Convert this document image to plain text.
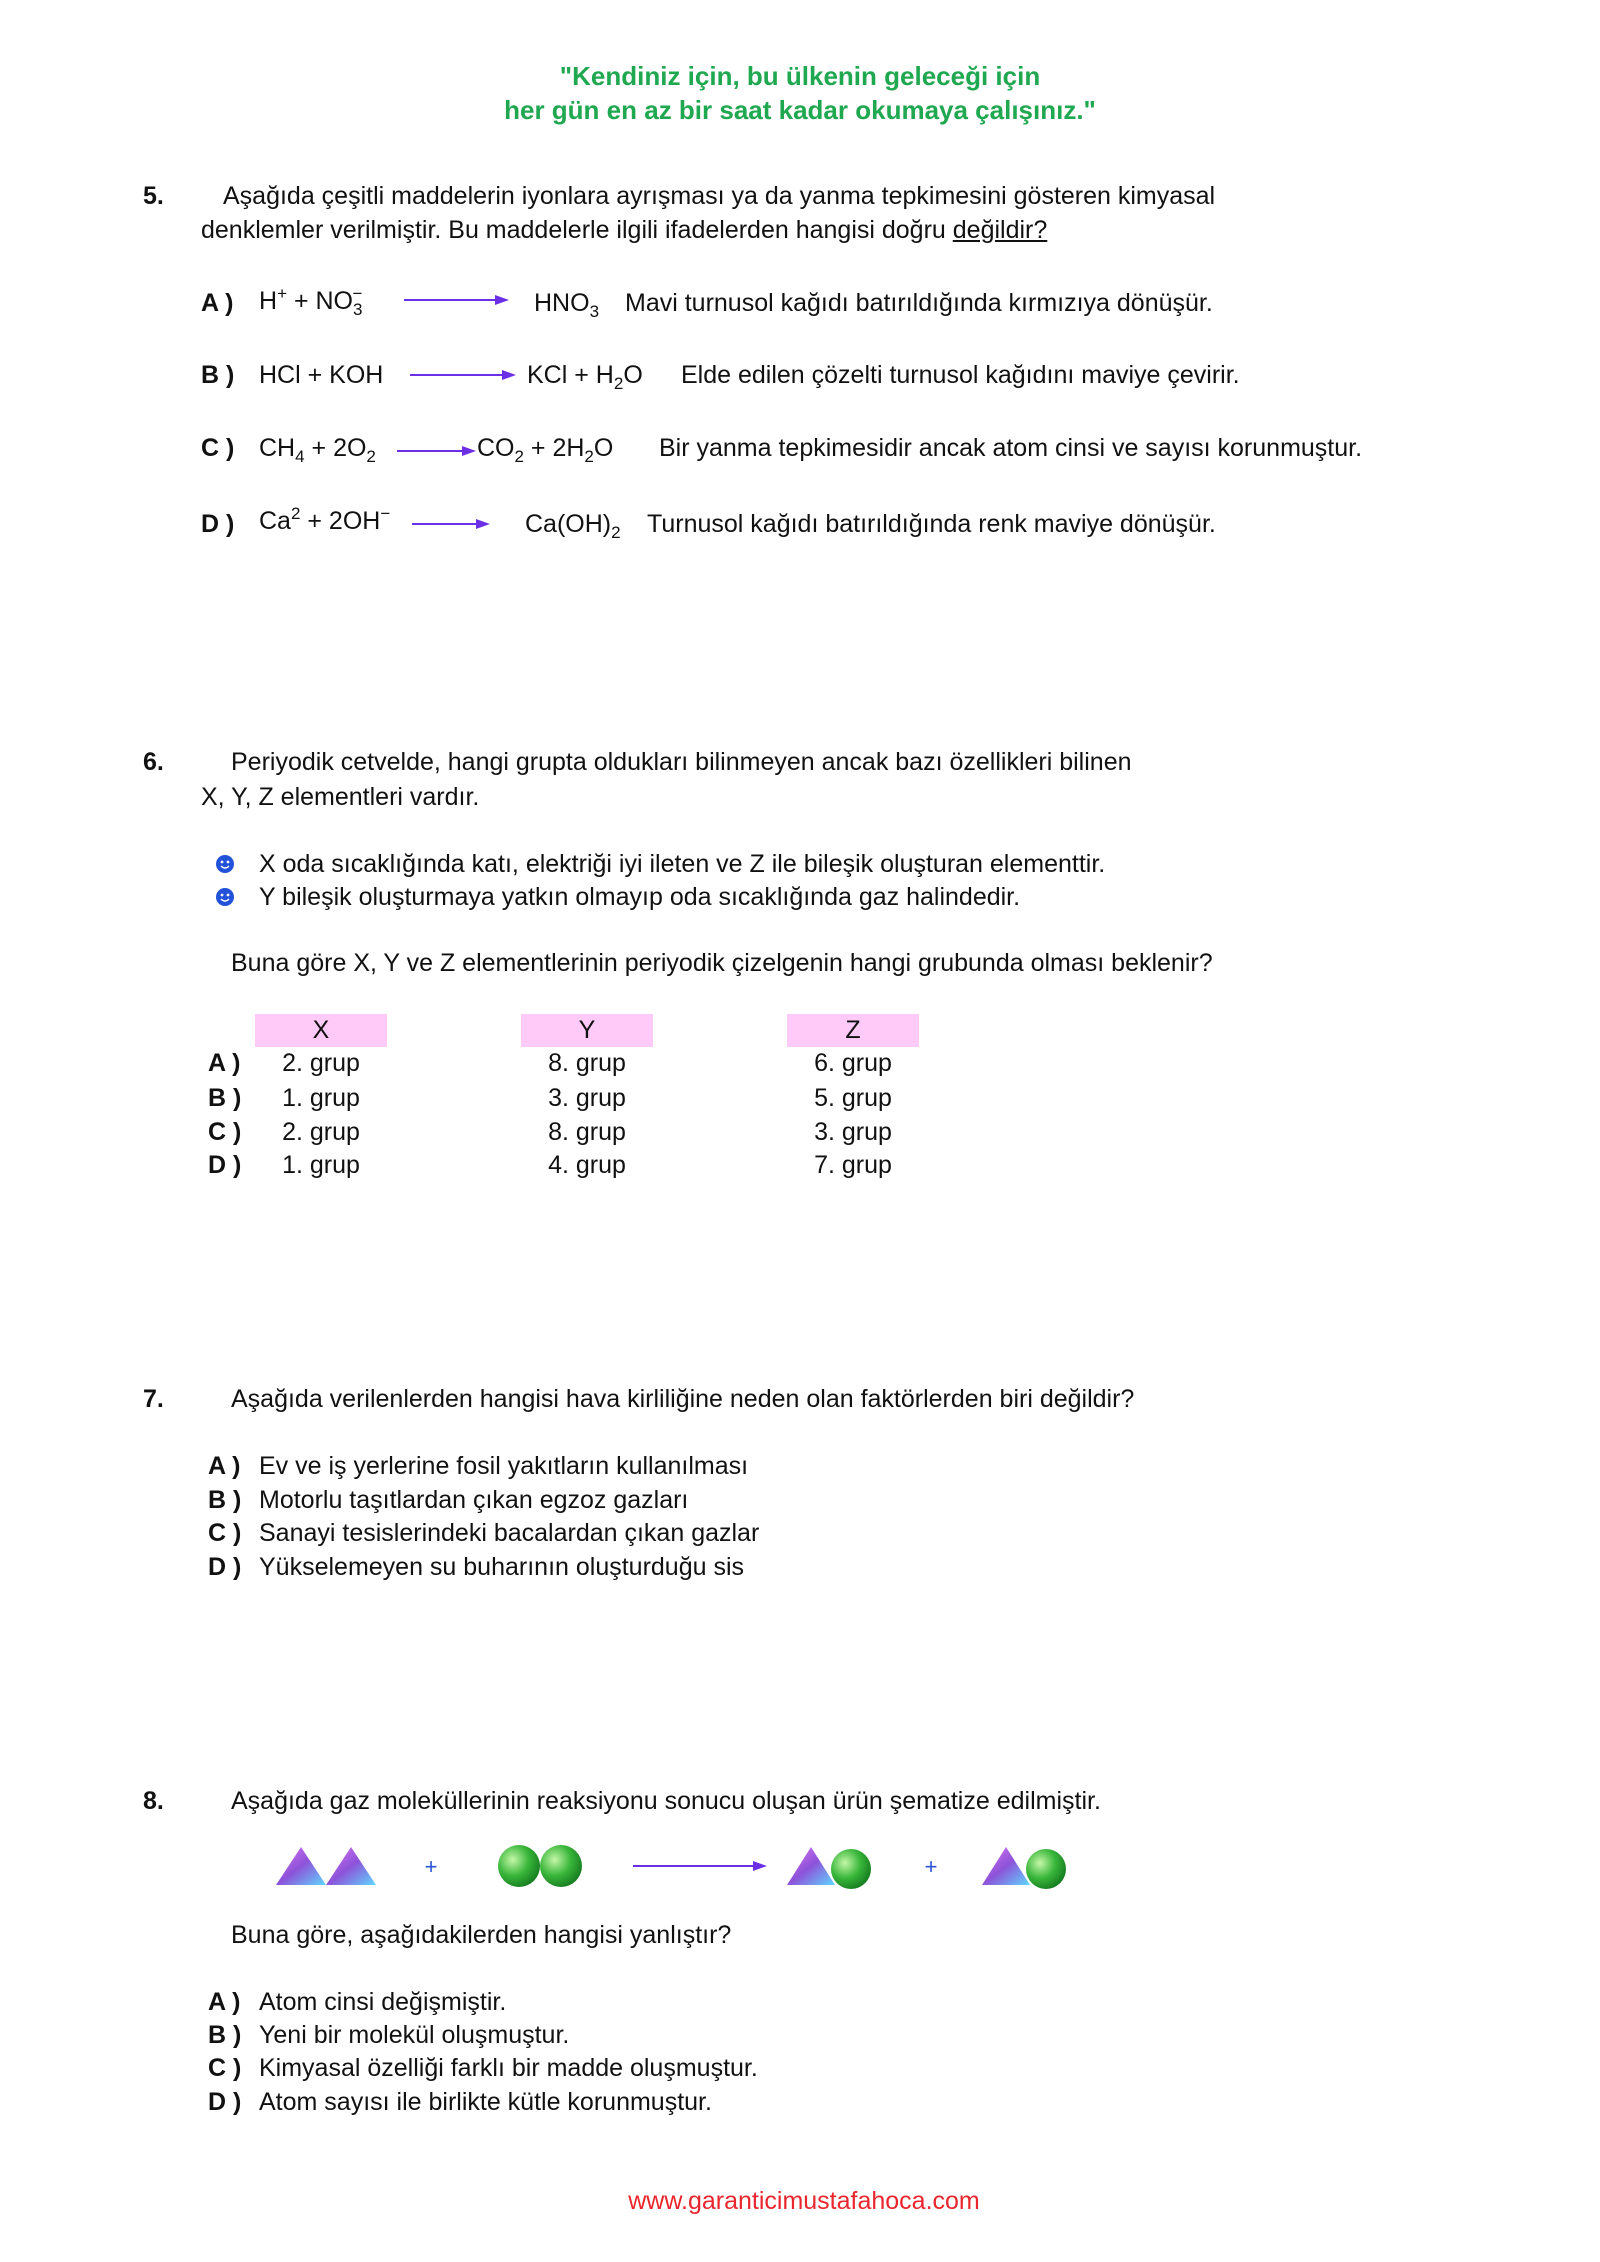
"Kendiniz için, bu ülkenin geleceği için
her gün en az bir saat kadar okumaya çalışınız."
5. Aşağıda çeşitli maddelerin iyonlara ayrışması ya da yanma tepkimesini gösteren kimyasal
denklemler verilmiştir. Bu maddelerle ilgili ifadelerden hangisi doğru değildir?
A ) $H^+ + NO_3^-$	$HNO_3$ Mavi turnusol kağıdı batırıldığında kırmızıya dönüşür.
B ) HCl + KOH	KCl + $H_2O$ Elde edilen çözelti turnusol kağıdını maviye çevirir.
C ) $CH_4 + 2O_2$	$CO_2 + 2H_2O$ Bir yanma tepkimesidir ancak atom cinsi ve sayısı korunmuştur.
D ) $Ca^2 + 2OH^-$	$Ca(OH)_2$ Turnusol kağıdı batırıldığında renk maviye dönüşür.
6.	Periyodik cetvelde, hangi grupta oldukları bilinmeyen ancak bazı özellikleri bilinen
X, Y, Z elementleri vardır.
X oda sıcaklığında katı, elektriği iyi ileten ve Z ile bileşik oluşturan elementtir.
Y bileşik oluşturmaya yatkın olmayıp oda sıcaklığında gaz halindedir.
Buna göre X, Y ve Z elementlerinin periyodik çizelgenin hangi grubunda olması beklenir?
X	Y	Z
A )	2. grup	8. grup	6. grup
B )	1. grup	3. grup	5. grup
C )	2. grup	8. grup	3. grup
D )	1. grup	4. grup	7. grup
7.	Aşağıda verilenlerden hangisi hava kirliliğine neden olan faktörlerden biri değildir?
A ) Ev ve iş yerlerine fosil yakıtların kullanılması
B ) Motorlu taşıtlardan çıkan egzoz gazları
C ) Sanayi tesislerindeki bacalardan çıkan gazlar
D ) Yükselemeyen su buharının oluşturduğu sis
8.	Aşağıda gaz moleküllerinin reaksiyonu sonucu oluşan ürün şematize edilmiştir.
+	+
Buna göre, aşağıdakilerden hangisi yanlıştır?
A ) Atom cinsi değişmiştir.
B ) Yeni bir molekül oluşmuştur.
C ) Kimyasal özelliği farklı bir madde oluşmuştur.
D ) Atom sayısı ile birlikte kütle korunmuştur.
www.garanticimustafahoca.com
